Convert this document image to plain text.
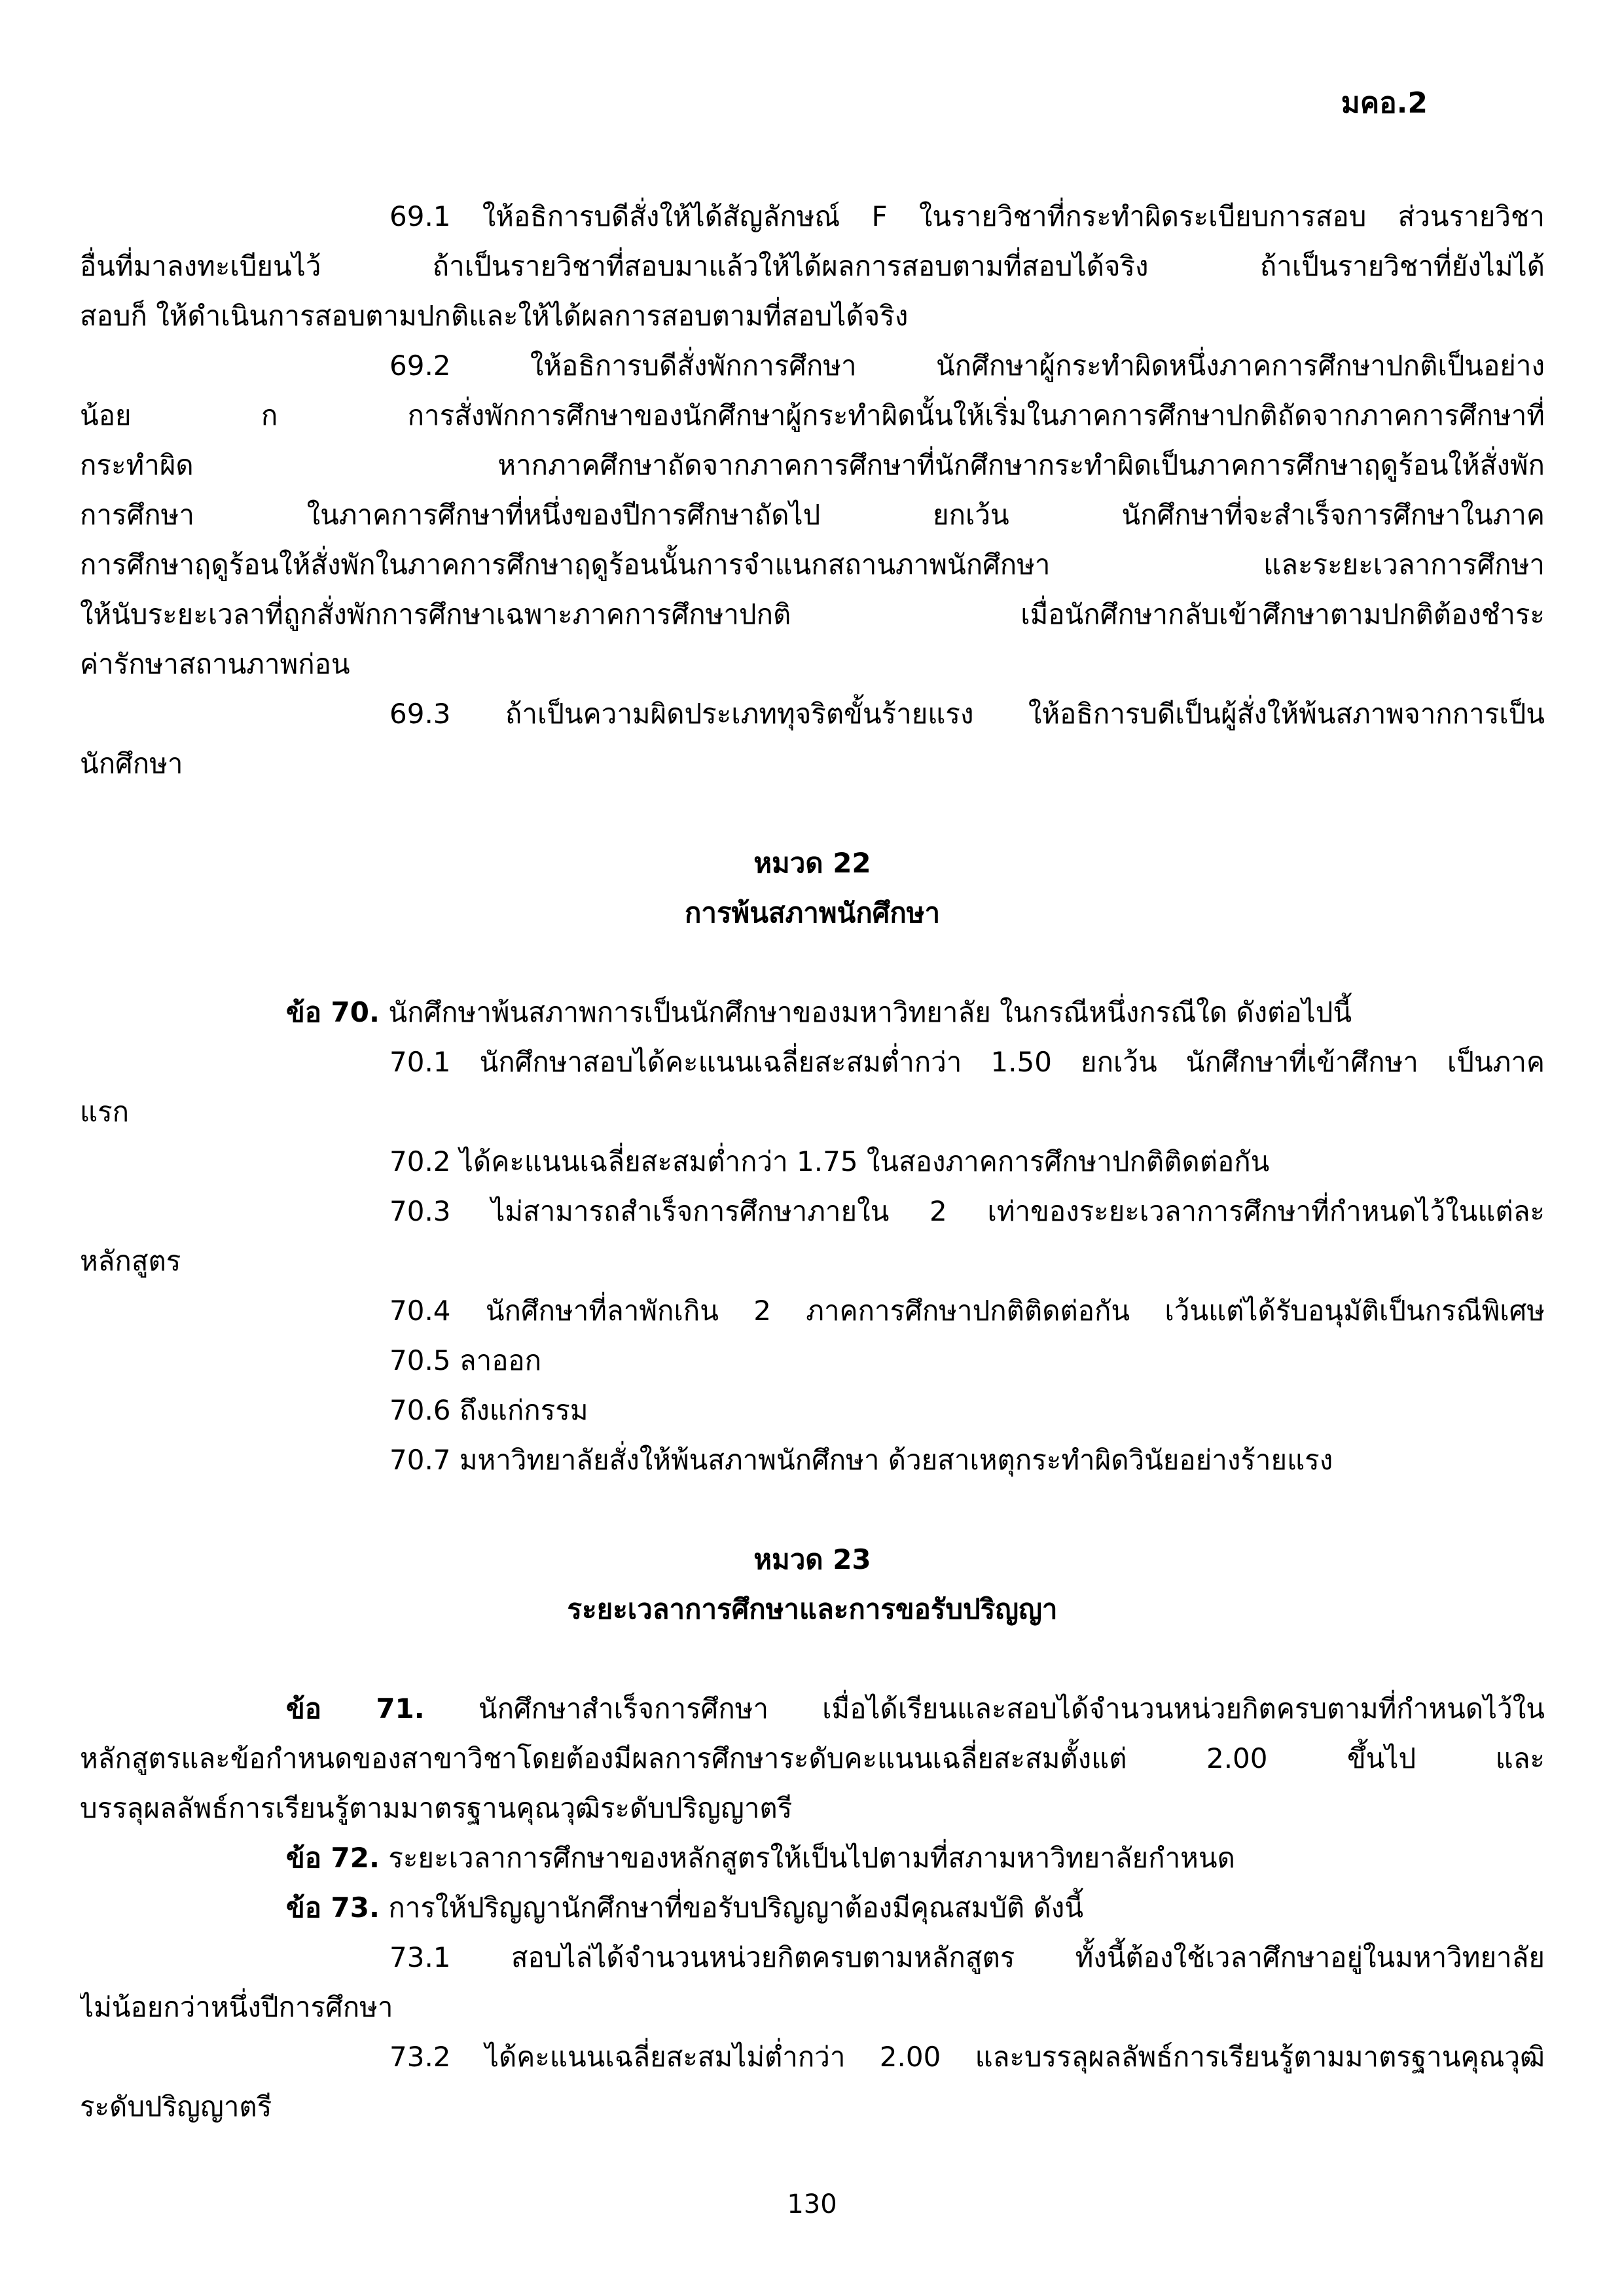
มคอ.2
69.1 ให้อธิการบดีสั่งให้ได้สัญลักษณ์ F ในรายวิชาที่กระทำผิดระเบียบการสอบ ส่วนรายวิชา
อื่นที่มาลงทะเบียนไว้ ถ้าเป็นรายวิชาที่สอบมาแล้วให้ได้ผลการสอบตามที่สอบได้จริง ถ้าเป็นรายวิชาที่ยังไม่ได้
สอบก็ ให้ดำเนินการสอบตามปกติและให้ได้ผลการสอบตามที่สอบได้จริง
69.2 ให้อธิการบดีสั่งพักการศึกษา นักศึกษาผู้กระทำผิดหนึ่งภาคการศึกษาปกติเป็นอย่าง
น้อย ก การสั่งพักการศึกษาของนักศึกษาผู้กระทำผิดนั้นให้เริ่มในภาคการศึกษาปกติถัดจากภาคการศึกษาที่
กระทำผิด หากภาคศึกษาถัดจากภาคการศึกษาที่นักศึกษากระทำผิดเป็นภาคการศึกษาฤดูร้อนให้สั่งพัก
การศึกษา ในภาคการศึกษาที่หนึ่งของปีการศึกษาถัดไป ยกเว้น นักศึกษาที่จะสำเร็จการศึกษาในภาค
การศึกษาฤดูร้อนให้สั่งพักในภาคการศึกษาฤดูร้อนนั้นการจำแนกสถานภาพนักศึกษา และระยะเวลาการศึกษา
ให้นับระยะเวลาที่ถูกสั่งพักการศึกษาเฉพาะภาคการศึกษาปกติ เมื่อนักศึกษากลับเข้าศึกษาตามปกติต้องชำระ
ค่ารักษาสถานภาพก่อน
69.3 ถ้าเป็นความผิดประเภททุจริตขั้นร้ายแรง ให้อธิการบดีเป็นผู้สั่งให้พ้นสภาพจากการเป็น
นักศึกษา
หมวด 22
การพ้นสภาพนักศึกษา
ข้อ 70. นักศึกษาพ้นสภาพการเป็นนักศึกษาของมหาวิทยาลัย ในกรณีหนึ่งกรณีใด ดังต่อไปนี้
70.1 นักศึกษาสอบได้คะแนนเฉลี่ยสะสมต่ำกว่า 1.50 ยกเว้น นักศึกษาที่เข้าศึกษา เป็นภาค
แรก
70.2 ได้คะแนนเฉลี่ยสะสมต่ำกว่า 1.75 ในสองภาคการศึกษาปกติติดต่อกัน
70.3 ไม่สามารถสำเร็จการศึกษาภายใน 2 เท่าของระยะเวลาการศึกษาที่กำหนดไว้ในแต่ละ
หลักสูตร
70.4 นักศึกษาที่ลาพักเกิน 2 ภาคการศึกษาปกติติดต่อกัน เว้นแต่ได้รับอนุมัติเป็นกรณีพิเศษ
70.5 ลาออก
70.6 ถึงแก่กรรม
70.7 มหาวิทยาลัยสั่งให้พ้นสภาพนักศึกษา ด้วยสาเหตุกระทำผิดวินัยอย่างร้ายแรง
หมวด 23
ระยะเวลาการศึกษาและการขอรับปริญญา
ข้อ 71. นักศึกษาสำเร็จการศึกษา เมื่อได้เรียนและสอบได้จำนวนหน่วยกิตครบตามที่กำหนดไว้ใน
หลักสูตรและข้อกำหนดของสาขาวิชาโดยต้องมีผลการศึกษาระดับคะแนนเฉลี่ยสะสมตั้งแต่ 2.00 ขึ้นไป และ
บรรลุผลลัพธ์การเรียนรู้ตามมาตรฐานคุณวุฒิระดับปริญญาตรี
ข้อ 72. ระยะเวลาการศึกษาของหลักสูตรให้เป็นไปตามที่สภามหาวิทยาลัยกำหนด
ข้อ 73. การให้ปริญญานักศึกษาที่ขอรับปริญญาต้องมีคุณสมบัติ ดังนี้
73.1 สอบไล่ได้จำนวนหน่วยกิตครบตามหลักสูตร ทั้งนี้ต้องใช้เวลาศึกษาอยู่ในมหาวิทยาลัย
ไม่น้อยกว่าหนึ่งปีการศึกษา
73.2 ได้คะแนนเฉลี่ยสะสมไม่ต่ำกว่า 2.00 และบรรลุผลลัพธ์การเรียนรู้ตามมาตรฐานคุณวุฒิ
ระดับปริญญาตรี
130
